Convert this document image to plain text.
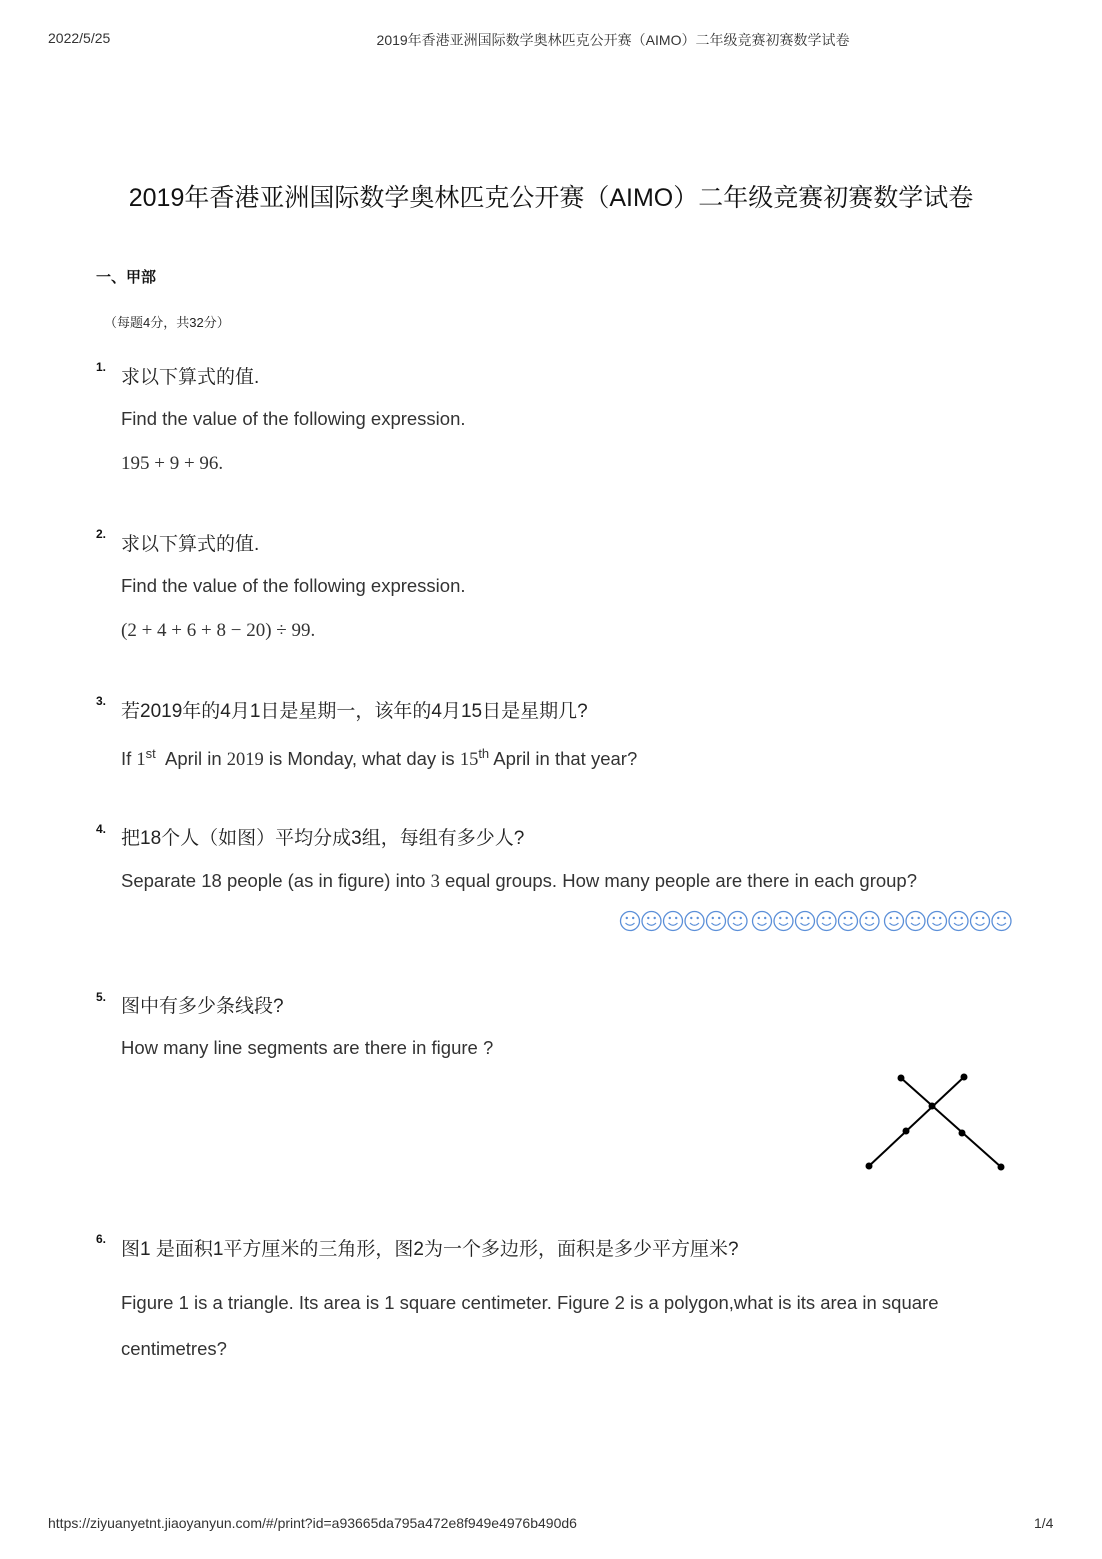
2022/5/25	2019年香港亚洲国际数学奥林匹克公开赛（AIMO）二年级竞赛初赛数学试卷
2019年香港亚洲国际数学奥林匹克公开赛（AIMO）二年级竞赛初赛数学试卷
一、甲部
（每题4分，共32分）
1. 求以下算式的值.
Find the value of the following expression.
195 + 9 + 96.
2. 求以下算式的值.
Find the value of the following expression.
(2 + 4 + 6 + 8 − 20) ÷ 99.
3. 若2019年的4月1日是星期一，该年的4月15日是星期几?
If 1st  April in 2019 is Monday, what day is 15th April in that year?
4. 把18个人（如图）平均分成3组，每组有多少人?
Separate 18 people (as in figure) into 3 equal groups. How many people are there in each group?
5. 图中有多少条线段?
How many line segments are there in figure ?
6. 图1 是面积1平方厘米的三角形，图2为一个多边形，面积是多少平方厘米?
Figure 1 is a triangle. Its area is 1 square centimeter. Figure 2 is a polygon,what is its area in square centimetres?
https://ziyuanyetnt.jiaoyanyun.com/#/print?id=a93665da795a472e8f949e4976b490d6	1/4
